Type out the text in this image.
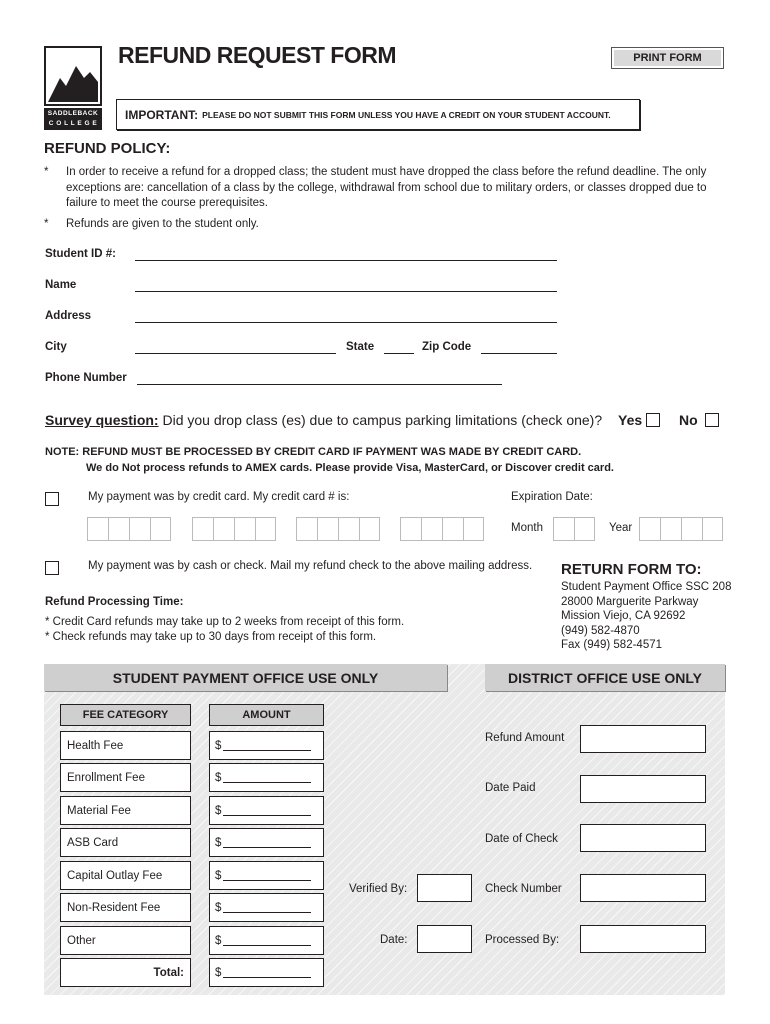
SADDLEBACK
C O L L E G E
REFUND REQUEST FORM	PRINT FORM
IMPORTANT: PLEASE DO NOT SUBMIT THIS FORM UNLESS YOU HAVE A CREDIT ON YOUR STUDENT ACCOUNT.
REFUND POLICY:
* In order to receive a refund for a dropped class; the student must have dropped the class before the refund deadline. The only exceptions are: cancellation of a class by the college, withdrawal from school due to military orders, or classes dropped due to failure to meet the course prerequisites.
* Refunds are given to the student only.
Student ID #:
Name
Address
City	State	Zip Code
Phone Number
Survey question: Did you drop class (es) due to campus parking limitations (check one)? Yes	No
NOTE: REFUND MUST BE PROCESSED BY CREDIT CARD IF PAYMENT WAS MADE BY CREDIT CARD.
We do Not process refunds to AMEX cards. Please provide Visa, MasterCard, or Discover credit card.
My payment was by credit card. My credit card # is:	Expiration Date:
Month	Year
My payment was by cash or check. Mail my refund check to the above mailing address.
Refund Processing Time:
* Credit Card refunds may take up to 2 weeks from receipt of this form.
* Check refunds may take up to 30 days from receipt of this form.
RETURN FORM TO:
Student Payment Office SSC 208
28000 Marguerite Parkway
Mission Viejo, CA 92692
(949) 582-4870
Fax (949) 582-4571
STUDENT PAYMENT OFFICE USE ONLY	DISTRICT OFFICE USE ONLY
FEE CATEGORY	AMOUNT
Health Fee	$
Enrollment Fee	$
Material Fee	$
ASB Card	$
Capital Outlay Fee	$
Non-Resident Fee	$
Other	$
Total:	$
Verified By:
Date:
Refund Amount
Date Paid
Date of Check
Check Number
Processed By:
